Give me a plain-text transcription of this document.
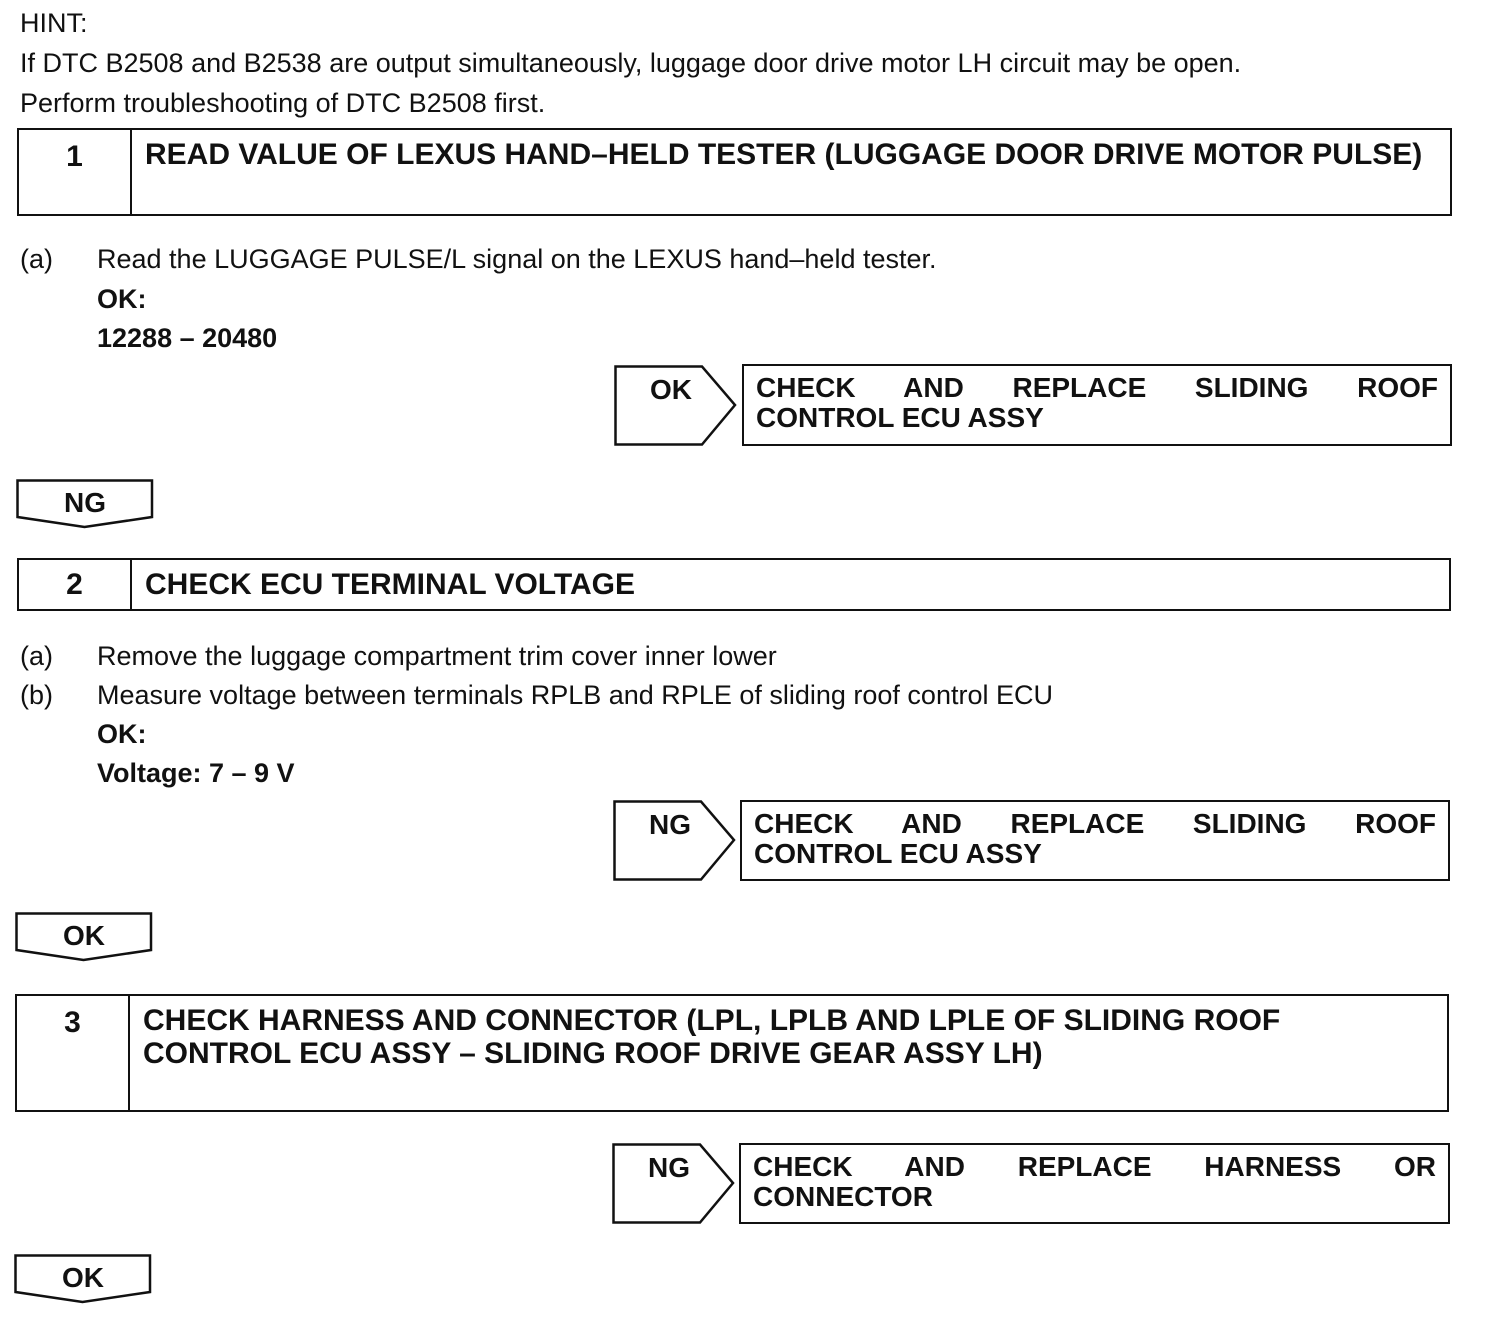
HINT:
If DTC B2508 and B2538 are output simultaneously, luggage door drive motor LH circuit may be open.
Perform troubleshooting of DTC B2508 first.
1	READ VALUE OF LEXUS HAND–HELD TESTER (LUGGAGE DOOR DRIVE MOTOR PULSE)
(a) Read the LUGGAGE PULSE/L signal on the LEXUS hand–held tester.
OK:
12288 – 20480
OK	CHECK AND REPLACE SLIDING ROOF
CONTROL ECU ASSY
NG
2	CHECK ECU TERMINAL VOLTAGE
(a) Remove the luggage compartment trim cover inner lower
(b) Measure voltage between terminals RPLB and RPLE of sliding roof control ECU
OK:
Voltage: 7 – 9 V
NG	CHECK AND REPLACE SLIDING ROOF
CONTROL ECU ASSY
OK
3	CHECK HARNESS AND CONNECTOR (LPL, LPLB AND LPLE OF SLIDING ROOF CONTROL ECU ASSY – SLIDING ROOF DRIVE GEAR ASSY LH)
NG	CHECK AND REPLACE HARNESS OR
CONNECTOR
OK
